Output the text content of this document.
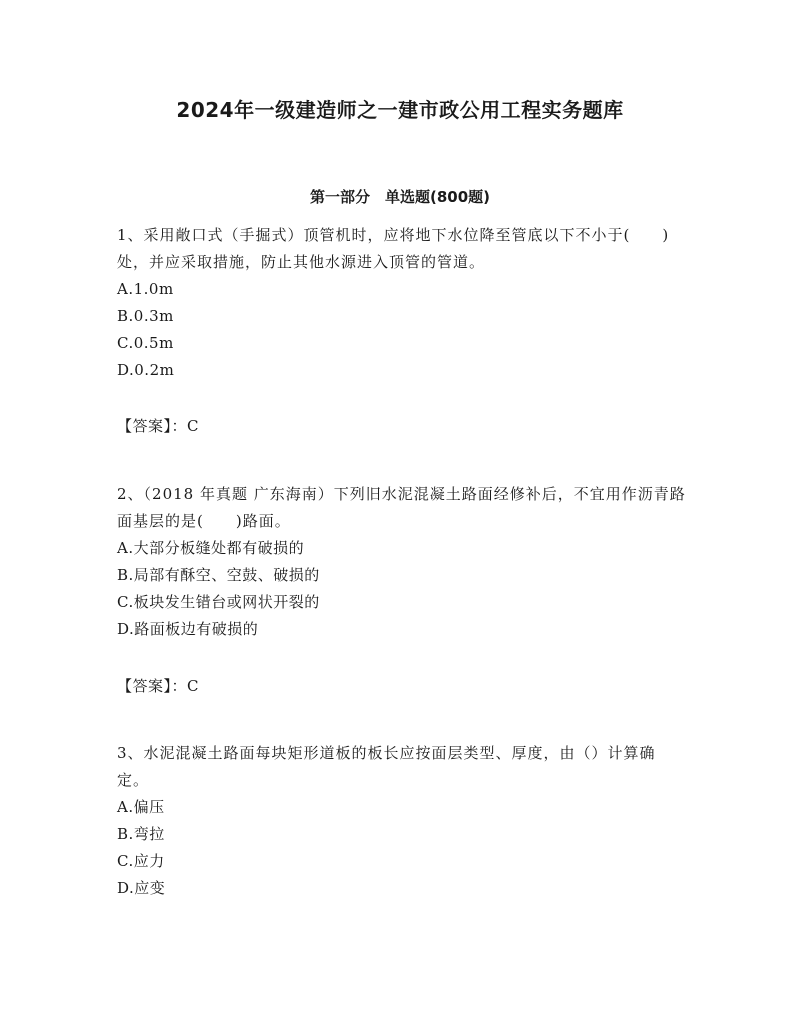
2024年一级建造师之一建市政公用工程实务题库
第一部分　单选题(800题)

1、采用敞口式（手掘式）顶管机时，应将地下水位降至管底以下不小于(　　)处，并应采取措施，防止其他水源进入顶管的管道。

A.1.0m

B.0.3m

C.0.5m

D.0.2m

【答案】：C

2、（2018 年真题 广东海南）下列旧水泥混凝土路面经修补后，不宜用作沥青路面基层的是(　　)路面。

A.大部分板缝处都有破损的

B.局部有酥空、空鼓、破损的

C.板块发生错台或网状开裂的

D.路面板边有破损的

【答案】：C

3、水泥混凝土路面每块矩形道板的板长应按面层类型、厚度，由（）计算确定。

A.偏压

B.弯拉

C.应力

D.应变
